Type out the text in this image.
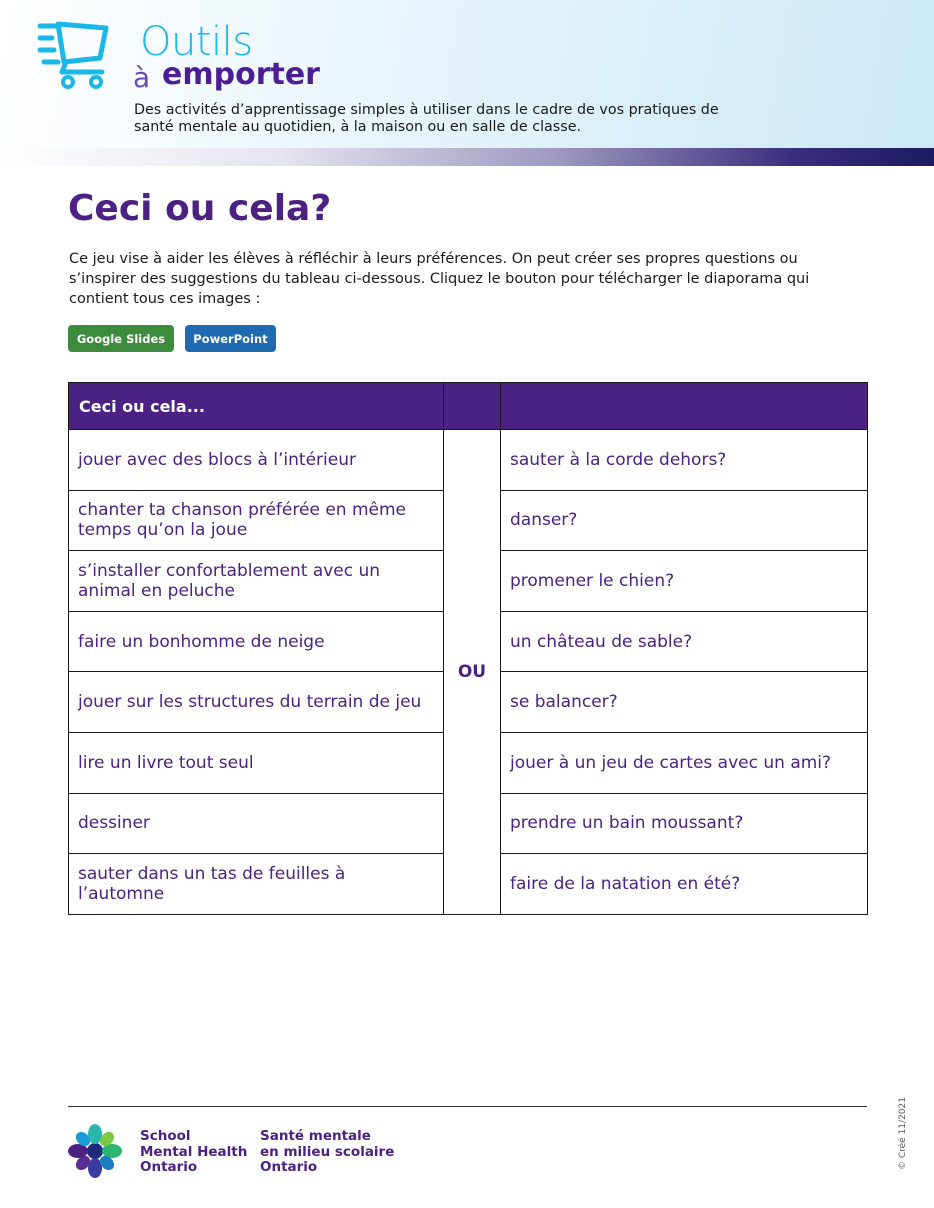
Outils
à emporter
Des activités d’apprentissage simples à utiliser dans le cadre de vos pratiques de santé mentale au quotidien, à la maison ou en salle de classe.
Ceci ou cela?

Ce jeu vise à aider les élèves à réfléchir à leurs préférences. On peut créer ses propres questions ou s’inspirer des suggestions du tableau ci-dessous. Cliquez le bouton pour télécharger le diaporama qui contient tous ces images :

Google Slides	PowerPoint
Ceci ou cela...		
jouer avec des blocs à l’intérieur	OU	sauter à la corde dehors?
chanter ta chanson préférée en même temps qu’on la joue		danser?
s’installer confortablement avec un animal en peluche		promener le chien?
faire un bonhomme de neige		un château de sable?
jouer sur les structures du terrain de jeu		se balancer?
lire un livre tout seul		jouer à un jeu de cartes avec un ami?
dessiner		prendre un bain moussant?
sauter dans un tas de feuilles à l’automne		faire de la natation en été?
School
Mental Health
Ontario
Santé mentale
en milieu scolaire
Ontario	© Créé 11/2021
